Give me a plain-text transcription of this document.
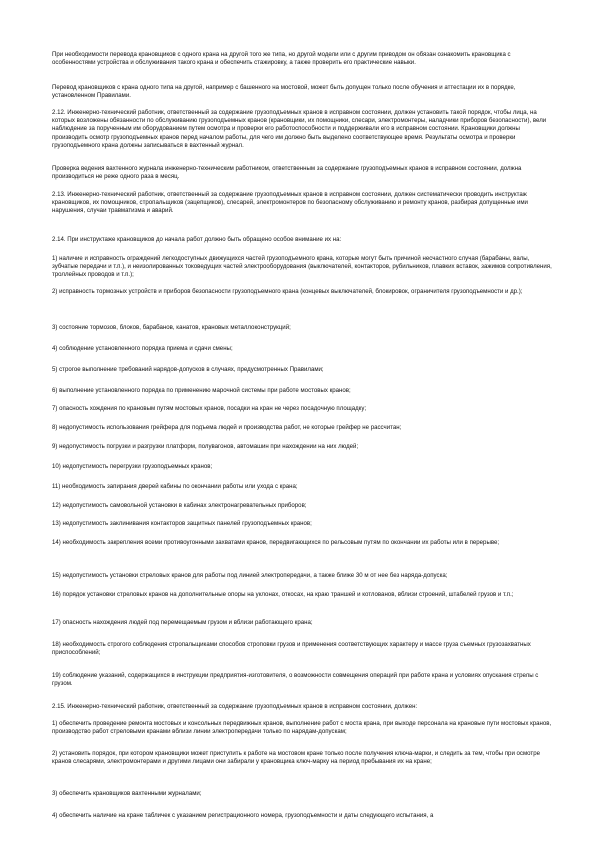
При необходимости перевода крановщиков с одного крана на другой того же типа, но другой модели или с другим приводом он обязан ознакомить крановщика с особенностями устройства и обслуживания такого крана и обеспечить стажировку, а также проверить его практические навыки.

Перевод крановщиков с крана одного типа на другой, например с башенного на мостовой, может быть допущен только после обучения и аттестации их в порядке, установленном Правилами.

2.12. Инженерно-технический работник, ответственный за содержание грузоподъемных кранов в исправном состоянии, должен установить такой порядок, чтобы лица, на которых возложены обязанности по обслуживанию грузоподъемных кранов (крановщики, их помощники, слесари, электромонтеры, наладчики приборов безопасности), вели наблюдение за порученным им оборудованием путем осмотра и проверки его работоспособности и поддерживали его в исправном состоянии. Крановщики должны производить осмотр грузоподъемных кранов перед началом работы, для чего им должно быть выделено соответствующее время. Результаты осмотра и проверки грузоподъемного крана должны записываться в вахтенный журнал.

Проверка ведения вахтенного журнала инженерно-техническим работником, ответственным за содержание грузоподъемных кранов в исправном состоянии, должна производиться не реже одного раза в месяц.

2.13. Инженерно-технический работник, ответственный за содержание грузоподъемных кранов в исправном состоянии, должен систематически проводить инструктаж крановщиков, их помощников, стропальщиков (зацепщиков), слесарей, электромонтеров по безопасному обслуживанию и ремонту кранов, разбирая допущенные ими нарушения, случаи травматизма и аварий.

2.14. При инструктаже крановщиков до начала работ должно быть обращено особое внимание их на:

1) наличие и исправность ограждений легкодоступных движущихся частей грузоподъемного крана, которые могут быть причиной несчастного случая (барабаны, валы, зубчатые передачи и т.п.), и неизолированных токоведущих частей электрооборудования (выключателей, контакторов, рубильников, плавких вставок, зажимов сопротивления, троллейных проводов и т.п.);

2) исправность тормозных устройств и приборов безопасности грузоподъемного крана (концевых выключателей, блокировок, ограничителя грузоподъемности и др.);

3) состояние тормозов, блоков, барабанов, канатов, крановых металлоконструкций;

4) соблюдение установленного порядка приема и сдачи смены;

5) строгое выполнение требований нарядов-допусков в случаях, предусмотренных Правилами;

6) выполнение установленного порядка по применению марочной системы при работе мостовых кранов;

7) опасность хождения по крановым путям мостовых кранов, посадки на кран не через посадочную площадку;

8) недопустимость использования грейфера для подъема людей и производства работ, не которые грейфер не рассчитан;

9) недопустимость погрузки и разгрузки платформ, полувагонов, автомашин при нахождении на них людей;

10) недопустимость перегрузки грузоподъемных кранов;

11) необходимость запирания дверей кабины по окончании работы или ухода с крана;

12) недопустимость самовольной установки в кабинах электронагревательных приборов;

13) недопустимость заклинивания контакторов защитных панелей грузоподъемных кранов;

14) необходимость закрепления всеми противоугонными захватами кранов, передвигающихся по рельсовым путям по окончании их работы или в перерыве;

15) недопустимость установки стреловых кранов для работы под линией электропередачи, а также ближе 30 м от нее без наряда-допуска;

16) порядок установки стреловых кранов на дополнительные опоры на уклонах, откосах, на краю траншей и котлованов, вблизи строений, штабелей грузов и т.п.;

17) опасность нахождения людей под перемещаемым грузом и вблизи работающего крана;

18) необходимость строгого соблюдения стропальщиками способов строповки грузов и применения соответствующих характеру и массе груза съемных грузозахватных приспособлений;

19) соблюдение указаний, содержащихся в инструкции предприятия-изготовителя, о возможности совмещения операций при работе крана и условиях опускания стрелы с грузом.

2.15. Инженерно-технический работник, ответственный за содержание грузоподъемных кранов в исправном состоянии, должен:

1) обеспечить проведение ремонта мостовых и консольных передвижных кранов, выполнение работ с моста крана, при выходе персонала на крановые пути мостовых кранов, производство работ стреловыми кранами вблизи линии электропередачи только по нарядам-допускам;

2) установить порядок, при котором крановщики может приступить к работе на мостовом кране только после получения ключа-марки, и следить за тем, чтобы при осмотре кранов слесарями, электромонтерами и другими лицами они забирали у крановщика ключ-марку на период пребывания их на кране;

3) обеспечить крановщиков вахтенными журналами;

4) обеспечить наличие на кране табличек с указанием регистрационного номера, грузоподъемности и даты следующего испытания, а
